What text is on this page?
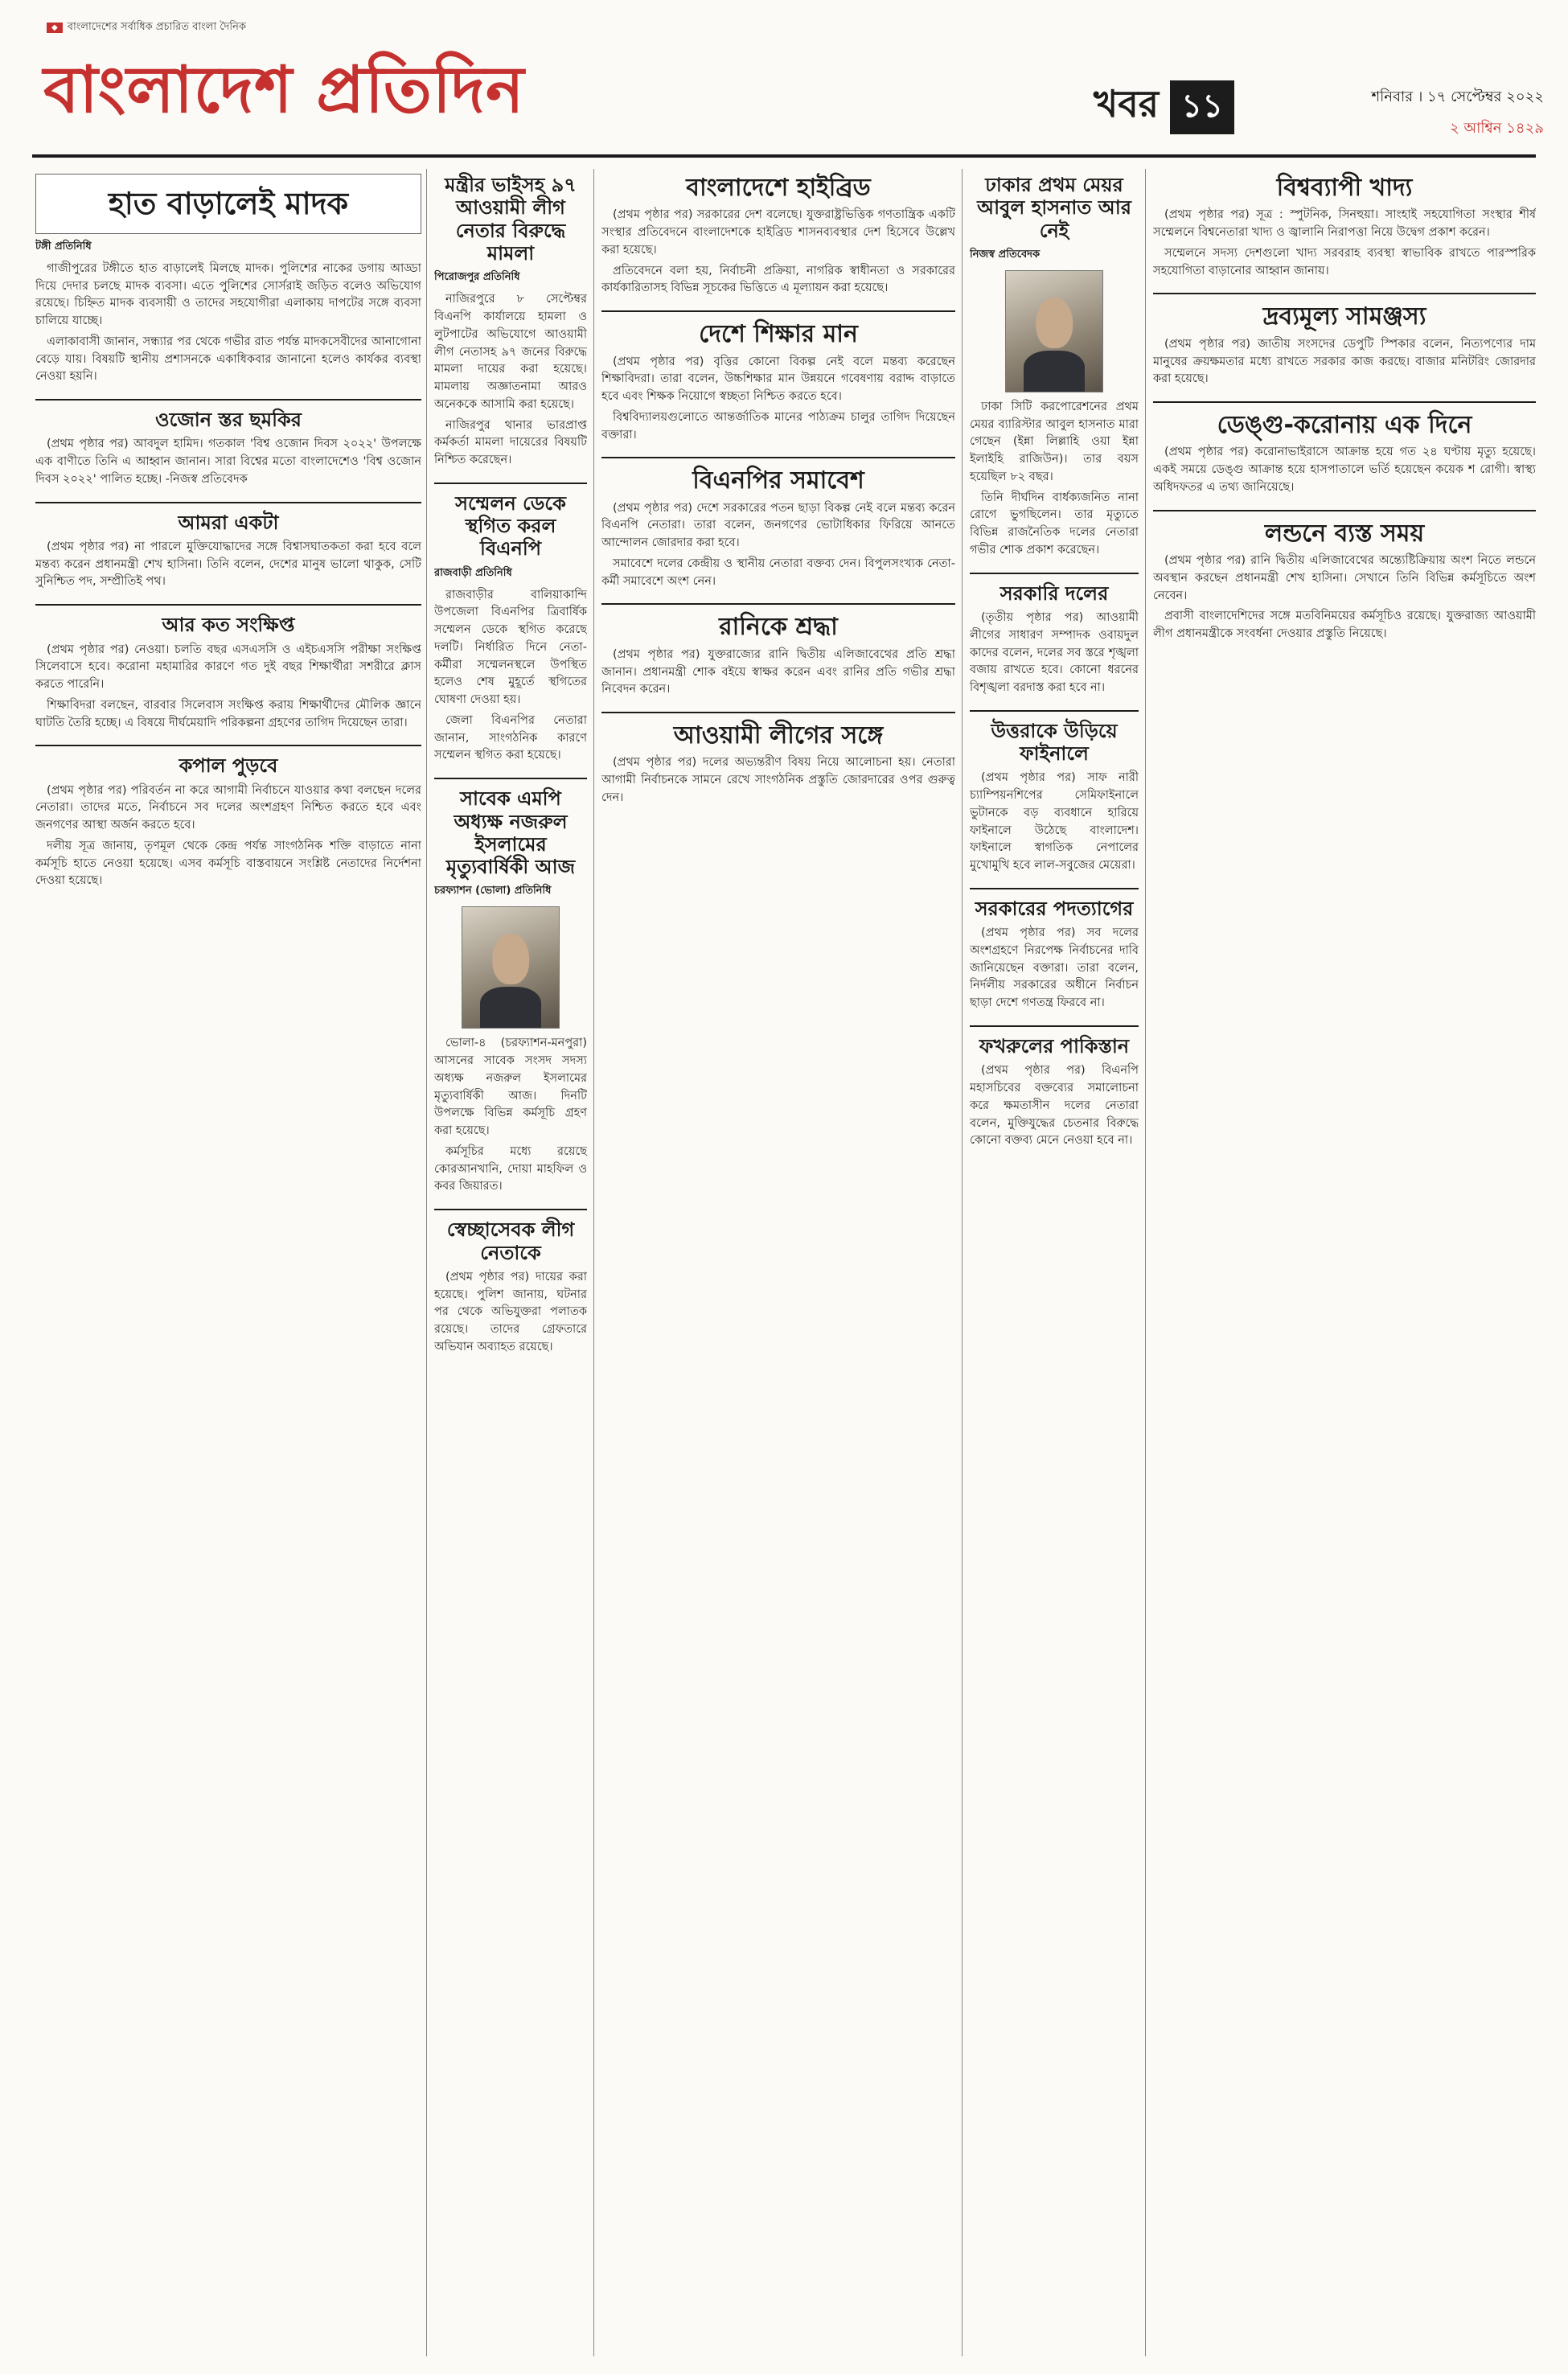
◆ বাংলাদেশের সর্বাধিক প্রচারিত বাংলা দৈনিক
বাংলাদেশ প্রতিদিন	খবর ১১	শনিবার । ১৭ সেপ্টেম্বর ২০২২
২ আশ্বিন ১৪২৯
হাত বাড়ালেই মাদক
টঙ্গী প্রতিনিধি

গাজীপুরের টঙ্গীতে হাত বাড়ালেই মিলছে মাদক। পুলিশের নাকের ডগায় আড্ডা দিয়ে দেদার চলছে মাদক ব্যবসা। এতে পুলিশের সোর্সরাই জড়িত বলেও অভিযোগ রয়েছে। চিহ্নিত মাদক ব্যবসায়ী ও তাদের সহযোগীরা এলাকায় দাপটের সঙ্গে ব্যবসা চালিয়ে যাচ্ছে।

এলাকাবাসী জানান, সন্ধ্যার পর থেকে গভীর রাত পর্যন্ত মাদকসেবীদের আনাগোনা বেড়ে যায়। বিষয়টি স্থানীয় প্রশাসনকে একাধিকবার জানানো হলেও কার্যকর ব্যবস্থা নেওয়া হয়নি।

ওজোন স্তর ছমকির

(প্রথম পৃষ্ঠার পর) আবদুল হামিদ। গতকাল 'বিশ্ব ওজোন দিবস ২০২২' উপলক্ষে এক বাণীতে তিনি এ আহ্বান জানান। সারা বিশ্বের মতো বাংলাদেশেও 'বিশ্ব ওজোন দিবস ২০২২' পালিত হচ্ছে। -নিজস্ব প্রতিবেদক

আমরা একটা

(প্রথম পৃষ্ঠার পর) না পারলে মুক্তিযোদ্ধাদের সঙ্গে বিশ্বাসঘাতকতা করা হবে বলে মন্তব্য করেন প্রধানমন্ত্রী শেখ হাসিনা। তিনি বলেন, দেশের মানুষ ভালো থাকুক, সেটি সুনিশ্চিত পদ, সম্প্রীতিই পথ।

আর কত সংক্ষিপ্ত

(প্রথম পৃষ্ঠার পর) নেওয়া। চলতি বছর এসএসসি ও এইচএসসি পরীক্ষা সংক্ষিপ্ত সিলেবাসে হবে। করোনা মহামারির কারণে গত দুই বছর শিক্ষার্থীরা সশরীরে ক্লাস করতে পারেনি।

শিক্ষাবিদরা বলছেন, বারবার সিলেবাস সংক্ষিপ্ত করায় শিক্ষার্থীদের মৌলিক জ্ঞানে ঘাটতি তৈরি হচ্ছে। এ বিষয়ে দীর্ঘমেয়াদি পরিকল্পনা গ্রহণের তাগিদ দিয়েছেন তারা।

কপাল পুড়বে

(প্রথম পৃষ্ঠার পর) পরিবর্তন না করে আগামী নির্বাচনে যাওয়ার কথা বলছেন দলের নেতারা। তাদের মতে, নির্বাচনে সব দলের অংশগ্রহণ নিশ্চিত করতে হবে এবং জনগণের আস্থা অর্জন করতে হবে।

দলীয় সূত্র জানায়, তৃণমূল থেকে কেন্দ্র পর্যন্ত সাংগঠনিক শক্তি বাড়াতে নানা কর্মসূচি হাতে নেওয়া হয়েছে। এসব কর্মসূচি বাস্তবায়নে সংশ্লিষ্ট নেতাদের নির্দেশনা দেওয়া হয়েছে।

মন্ত্রীর ভাইসহ ৯৭ আওয়ামী লীগ নেতার বিরুদ্ধে মামলা
পিরোজপুর প্রতিনিধি

নাজিরপুরে ৮ সেপ্টেম্বর বিএনপি কার্যালয়ে হামলা ও লুটপাটের অভিযোগে আওয়ামী লীগ নেতাসহ ৯৭ জনের বিরুদ্ধে মামলা দায়ের করা হয়েছে। মামলায় অজ্ঞাতনামা আরও অনেককে আসামি করা হয়েছে।

নাজিরপুর থানার ভারপ্রাপ্ত কর্মকর্তা মামলা দায়েরের বিষয়টি নিশ্চিত করেছেন।

সম্মেলন ডেকে স্থগিত করল বিএনপি
রাজবাড়ী প্রতিনিধি

রাজবাড়ীর বালিয়াকান্দি উপজেলা বিএনপির ত্রিবার্ষিক সম্মেলন ডেকে স্থগিত করেছে দলটি। নির্ধারিত দিনে নেতা-কর্মীরা সম্মেলনস্থলে উপস্থিত হলেও শেষ মুহূর্তে স্থগিতের ঘোষণা দেওয়া হয়।

জেলা বিএনপির নেতারা জানান, সাংগঠনিক কারণে সম্মেলন স্থগিত করা হয়েছে।

সাবেক এমপি অধ্যক্ষ নজরুল ইসলামের মৃত্যুবার্ষিকী আজ
চরফ্যাশন (ভোলা) প্রতিনিধি

ভোলা-৪ (চরফ্যাশন-মনপুরা) আসনের সাবেক সংসদ সদস্য অধ্যক্ষ নজরুল ইসলামের মৃত্যুবার্ষিকী আজ। দিনটি উপলক্ষে বিভিন্ন কর্মসূচি গ্রহণ করা হয়েছে।

কর্মসূচির মধ্যে রয়েছে কোরআনখানি, দোয়া মাহফিল ও কবর জিয়ারত।

স্বেচ্ছাসেবক লীগ নেতাকে

(প্রথম পৃষ্ঠার পর) দায়ের করা হয়েছে। পুলিশ জানায়, ঘটনার পর থেকে অভিযুক্তরা পলাতক রয়েছে। তাদের গ্রেফতারে অভিযান অব্যাহত রয়েছে।

বাংলাদেশে হাইব্রিড

(প্রথম পৃষ্ঠার পর) সরকারের দেশ বলেছে। যুক্তরাষ্ট্রভিত্তিক গণতান্ত্রিক একটি সংস্থার প্রতিবেদনে বাংলাদেশকে হাইব্রিড শাসনব্যবস্থার দেশ হিসেবে উল্লেখ করা হয়েছে।

প্রতিবেদনে বলা হয়, নির্বাচনী প্রক্রিয়া, নাগরিক স্বাধীনতা ও সরকারের কার্যকারিতাসহ বিভিন্ন সূচকের ভিত্তিতে এ মূল্যায়ন করা হয়েছে।

দেশে শিক্ষার মান

(প্রথম পৃষ্ঠার পর) বৃত্তির কোনো বিকল্প নেই বলে মন্তব্য করেছেন শিক্ষাবিদরা। তারা বলেন, উচ্চশিক্ষার মান উন্নয়নে গবেষণায় বরাদ্দ বাড়াতে হবে এবং শিক্ষক নিয়োগে স্বচ্ছতা নিশ্চিত করতে হবে।

বিশ্ববিদ্যালয়গুলোতে আন্তর্জাতিক মানের পাঠ্যক্রম চালুর তাগিদ দিয়েছেন বক্তারা।

বিএনপির সমাবেশ

(প্রথম পৃষ্ঠার পর) দেশে সরকারের পতন ছাড়া বিকল্প নেই বলে মন্তব্য করেন বিএনপি নেতারা। তারা বলেন, জনগণের ভোটাধিকার ফিরিয়ে আনতে আন্দোলন জোরদার করা হবে।

সমাবেশে দলের কেন্দ্রীয় ও স্থানীয় নেতারা বক্তব্য দেন। বিপুলসংখ্যক নেতা-কর্মী সমাবেশে অংশ নেন।

রানিকে শ্রদ্ধা

(প্রথম পৃষ্ঠার পর) যুক্তরাজ্যের রানি দ্বিতীয় এলিজাবেথের প্রতি শ্রদ্ধা জানান। প্রধানমন্ত্রী শোক বইয়ে স্বাক্ষর করেন এবং রানির প্রতি গভীর শ্রদ্ধা নিবেদন করেন।

আওয়ামী লীগের সঙ্গে

(প্রথম পৃষ্ঠার পর) দলের অভ্যন্তরীণ বিষয় নিয়ে আলোচনা হয়। নেতারা আগামী নির্বাচনকে সামনে রেখে সাংগঠনিক প্রস্তুতি জোরদারের ওপর গুরুত্ব দেন।

ঢাকার প্রথম মেয়র আবুল হাসনাত আর নেই
নিজস্ব প্রতিবেদক

ঢাকা সিটি করপোরেশনের প্রথম মেয়র ব্যারিস্টার আবুল হাসনাত মারা গেছেন (ইন্না লিল্লাহি ওয়া ইন্না ইলাইহি রাজিউন)। তার বয়স হয়েছিল ৮২ বছর।

তিনি দীর্ঘদিন বার্ধক্যজনিত নানা রোগে ভুগছিলেন। তার মৃত্যুতে বিভিন্ন রাজনৈতিক দলের নেতারা গভীর শোক প্রকাশ করেছেন।

সরকারি দলের

(তৃতীয় পৃষ্ঠার পর) আওয়ামী লীগের সাধারণ সম্পাদক ওবায়দুল কাদের বলেন, দলের সব স্তরে শৃঙ্খলা বজায় রাখতে হবে। কোনো ধরনের বিশৃঙ্খলা বরদাস্ত করা হবে না।

উত্তরাকে উড়িয়ে ফাইনালে

(প্রথম পৃষ্ঠার পর) সাফ নারী চ্যাম্পিয়নশিপের সেমিফাইনালে ভুটানকে বড় ব্যবধানে হারিয়ে ফাইনালে উঠেছে বাংলাদেশ। ফাইনালে স্বাগতিক নেপালের মুখোমুখি হবে লাল-সবুজের মেয়েরা।

সরকারের পদত্যাগের

(প্রথম পৃষ্ঠার পর) সব দলের অংশগ্রহণে নিরপেক্ষ নির্বাচনের দাবি জানিয়েছেন বক্তারা। তারা বলেন, নির্দলীয় সরকারের অধীনে নির্বাচন ছাড়া দেশে গণতন্ত্র ফিরবে না।

ফখরুলের পাকিস্তান

(প্রথম পৃষ্ঠার পর) বিএনপি মহাসচিবের বক্তব্যের সমালোচনা করে ক্ষমতাসীন দলের নেতারা বলেন, মুক্তিযুদ্ধের চেতনার বিরুদ্ধে কোনো বক্তব্য মেনে নেওয়া হবে না।

বিশ্বব্যাপী খাদ্য

(প্রথম পৃষ্ঠার পর) সূত্র : স্পুটনিক, সিনহুয়া। সাংহাই সহযোগিতা সংস্থার শীর্ষ সম্মেলনে বিশ্বনেতারা খাদ্য ও জ্বালানি নিরাপত্তা নিয়ে উদ্বেগ প্রকাশ করেন।

সম্মেলনে সদস্য দেশগুলো খাদ্য সরবরাহ ব্যবস্থা স্বাভাবিক রাখতে পারস্পরিক সহযোগিতা বাড়ানোর আহ্বান জানায়।

দ্রব্যমূল্য সামঞ্জস্য

(প্রথম পৃষ্ঠার পর) জাতীয় সংসদের ডেপুটি স্পিকার বলেন, নিত্যপণ্যের দাম মানুষের ক্রয়ক্ষমতার মধ্যে রাখতে সরকার কাজ করছে। বাজার মনিটরিং জোরদার করা হয়েছে।

ডেঙ্গু-করোনায় এক দিনে

(প্রথম পৃষ্ঠার পর) করোনাভাইরাসে আক্রান্ত হয়ে গত ২৪ ঘণ্টায় মৃত্যু হয়েছে। একই সময়ে ডেঙ্গু আক্রান্ত হয়ে হাসপাতালে ভর্তি হয়েছেন কয়েক শ রোগী। স্বাস্থ্য অধিদফতর এ তথ্য জানিয়েছে।

লন্ডনে ব্যস্ত সময়

(প্রথম পৃষ্ঠার পর) রানি দ্বিতীয় এলিজাবেথের অন্ত্যেষ্টিক্রিয়ায় অংশ নিতে লন্ডনে অবস্থান করছেন প্রধানমন্ত্রী শেখ হাসিনা। সেখানে তিনি বিভিন্ন কর্মসূচিতে অংশ নেবেন।

প্রবাসী বাংলাদেশিদের সঙ্গে মতবিনিময়ের কর্মসূচিও রয়েছে। যুক্তরাজ্য আওয়ামী লীগ প্রধানমন্ত্রীকে সংবর্ধনা দেওয়ার প্রস্তুতি নিয়েছে।
